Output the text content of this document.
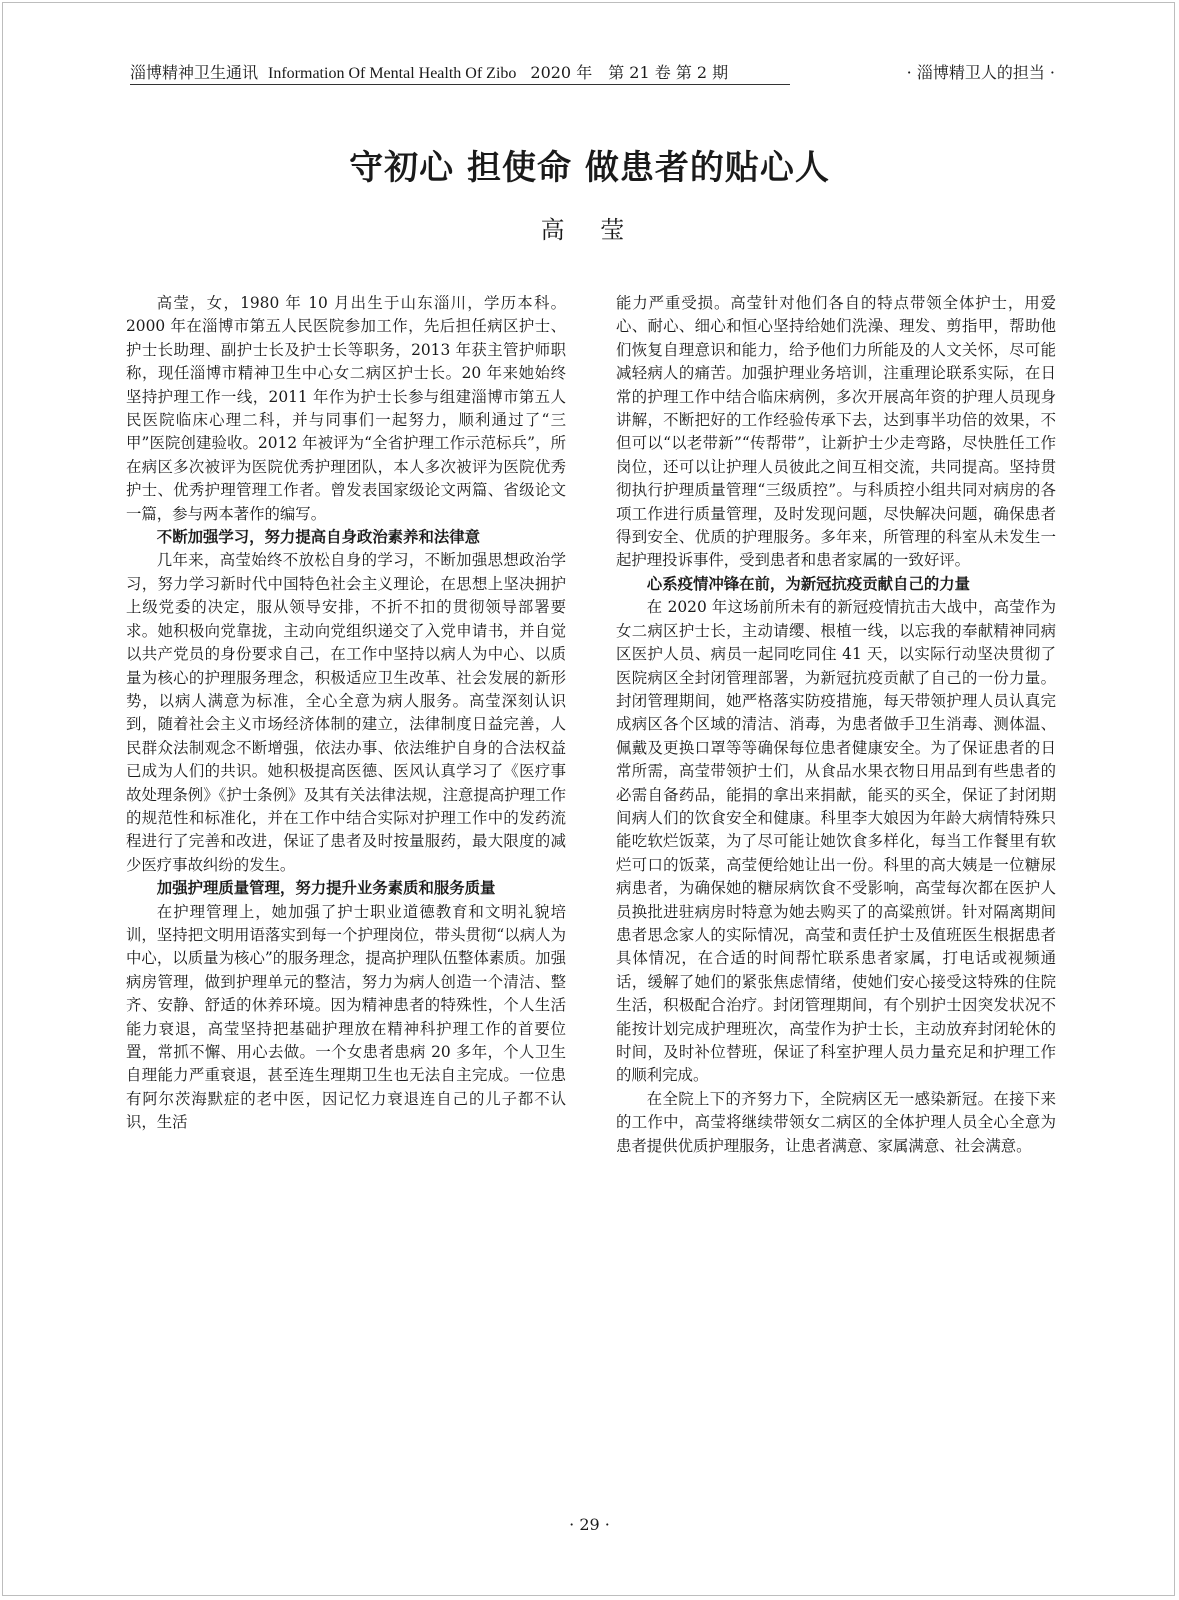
淄博精神卫生通讯 Information Of Mental Health Of Zibo 2020 年　第 21 卷 第 2 期	· 淄博精卫人的担当 ·
守初心 担使命 做患者的贴心人
高 莹

高莹，女，1980 年 10 月出生于山东淄川，学历本科。2000 年在淄博市第五人民医院参加工作，先后担任病区护士、护士长助理、副护士长及护士长等职务，2013 年获主管护师职称，现任淄博市精神卫生中心女二病区护士长。20 年来她始终坚持护理工作一线，2011 年作为护士长参与组建淄博市第五人民医院临床心理二科，并与同事们一起努力，顺利通过了“三甲”医院创建验收。2012 年被评为“全省护理工作示范标兵”，所在病区多次被评为医院优秀护理团队，本人多次被评为医院优秀护士、优秀护理管理工作者。曾发表国家级论文两篇、省级论文一篇，参与两本著作的编写。

不断加强学习，努力提高自身政治素养和法律意

几年来，高莹始终不放松自身的学习，不断加强思想政治学习，努力学习新时代中国特色社会主义理论，在思想上坚决拥护上级党委的决定，服从领导安排，不折不扣的贯彻领导部署要求。她积极向党靠拢，主动向党组织递交了入党申请书，并自觉以共产党员的身份要求自己，在工作中坚持以病人为中心、以质量为核心的护理服务理念，积极适应卫生改革、社会发展的新形势，以病人满意为标准，全心全意为病人服务。高莹深刻认识到，随着社会主义市场经济体制的建立，法律制度日益完善，人民群众法制观念不断增强，依法办事、依法维护自身的合法权益已成为人们的共识。她积极提高医德、医风认真学习了《医疗事故处理条例》《护士条例》及其有关法律法规，注意提高护理工作的规范性和标准化，并在工作中结合实际对护理工作中的发药流程进行了完善和改进，保证了患者及时按量服药，最大限度的减少医疗事故纠纷的发生。

加强护理质量管理，努力提升业务素质和服务质量

在护理管理上，她加强了护士职业道德教育和文明礼貌培训，坚持把文明用语落实到每一个护理岗位，带头贯彻“以病人为中心，以质量为核心”的服务理念，提高护理队伍整体素质。加强病房管理，做到护理单元的整洁，努力为病人创造一个清洁、整齐、安静、舒适的休养环境。因为精神患者的特殊性，个人生活能力衰退，高莹坚持把基础护理放在精神科护理工作的首要位置，常抓不懈、用心去做。一个女患者患病 20 多年，个人卫生自理能力严重衰退，甚至连生理期卫生也无法自主完成。一位患有阿尔茨海默症的老中医，因记忆力衰退连自己的儿子都不认识，生活

能力严重受损。高莹针对他们各自的特点带领全体护士，用爱心、耐心、细心和恒心坚持给她们洗澡、理发、剪指甲，帮助他们恢复自理意识和能力，给予他们力所能及的人文关怀，尽可能减轻病人的痛苦。加强护理业务培训，注重理论联系实际，在日常的护理工作中结合临床病例，多次开展高年资的护理人员现身讲解，不断把好的工作经验传承下去，达到事半功倍的效果，不但可以“以老带新”“传帮带”，让新护士少走弯路，尽快胜任工作岗位，还可以让护理人员彼此之间互相交流，共同提高。坚持贯彻执行护理质量管理“三级质控”。与科质控小组共同对病房的各项工作进行质量管理，及时发现问题，尽快解决问题，确保患者得到安全、优质的护理服务。多年来，所管理的科室从未发生一起护理投诉事件，受到患者和患者家属的一致好评。

心系疫情冲锋在前，为新冠抗疫贡献自己的力量

在 2020 年这场前所未有的新冠疫情抗击大战中，高莹作为女二病区护士长，主动请缨、根植一线，以忘我的奉献精神同病区医护人员、病员一起同吃同住 41 天，以实际行动坚决贯彻了医院病区全封闭管理部署，为新冠抗疫贡献了自己的一份力量。封闭管理期间，她严格落实防疫措施，每天带领护理人员认真完成病区各个区域的清洁、消毒，为患者做手卫生消毒、测体温、佩戴及更换口罩等等确保每位患者健康安全。为了保证患者的日常所需，高莹带领护士们，从食品水果衣物日用品到有些患者的必需自备药品，能捐的拿出来捐献，能买的买全，保证了封闭期间病人们的饮食安全和健康。科里李大娘因为年龄大病情特殊只能吃软烂饭菜，为了尽可能让她饮食多样化，每当工作餐里有软烂可口的饭菜，高莹便给她让出一份。科里的高大姨是一位糖尿病患者，为确保她的糖尿病饮食不受影响，高莹每次都在医护人员换批进驻病房时特意为她去购买了的高粱煎饼。针对隔离期间患者思念家人的实际情况，高莹和责任护士及值班医生根据患者具体情况，在合适的时间帮忙联系患者家属，打电话或视频通话，缓解了她们的紧张焦虑情绪，使她们安心接受这特殊的住院生活，积极配合治疗。封闭管理期间，有个别护士因突发状况不能按计划完成护理班次，高莹作为护士长，主动放弃封闭轮休的时间，及时补位替班，保证了科室护理人员力量充足和护理工作的顺利完成。

在全院上下的齐努力下，全院病区无一感染新冠。在接下来的工作中，高莹将继续带领女二病区的全体护理人员全心全意为患者提供优质护理服务，让患者满意、家属满意、社会满意。

· 29 ·
